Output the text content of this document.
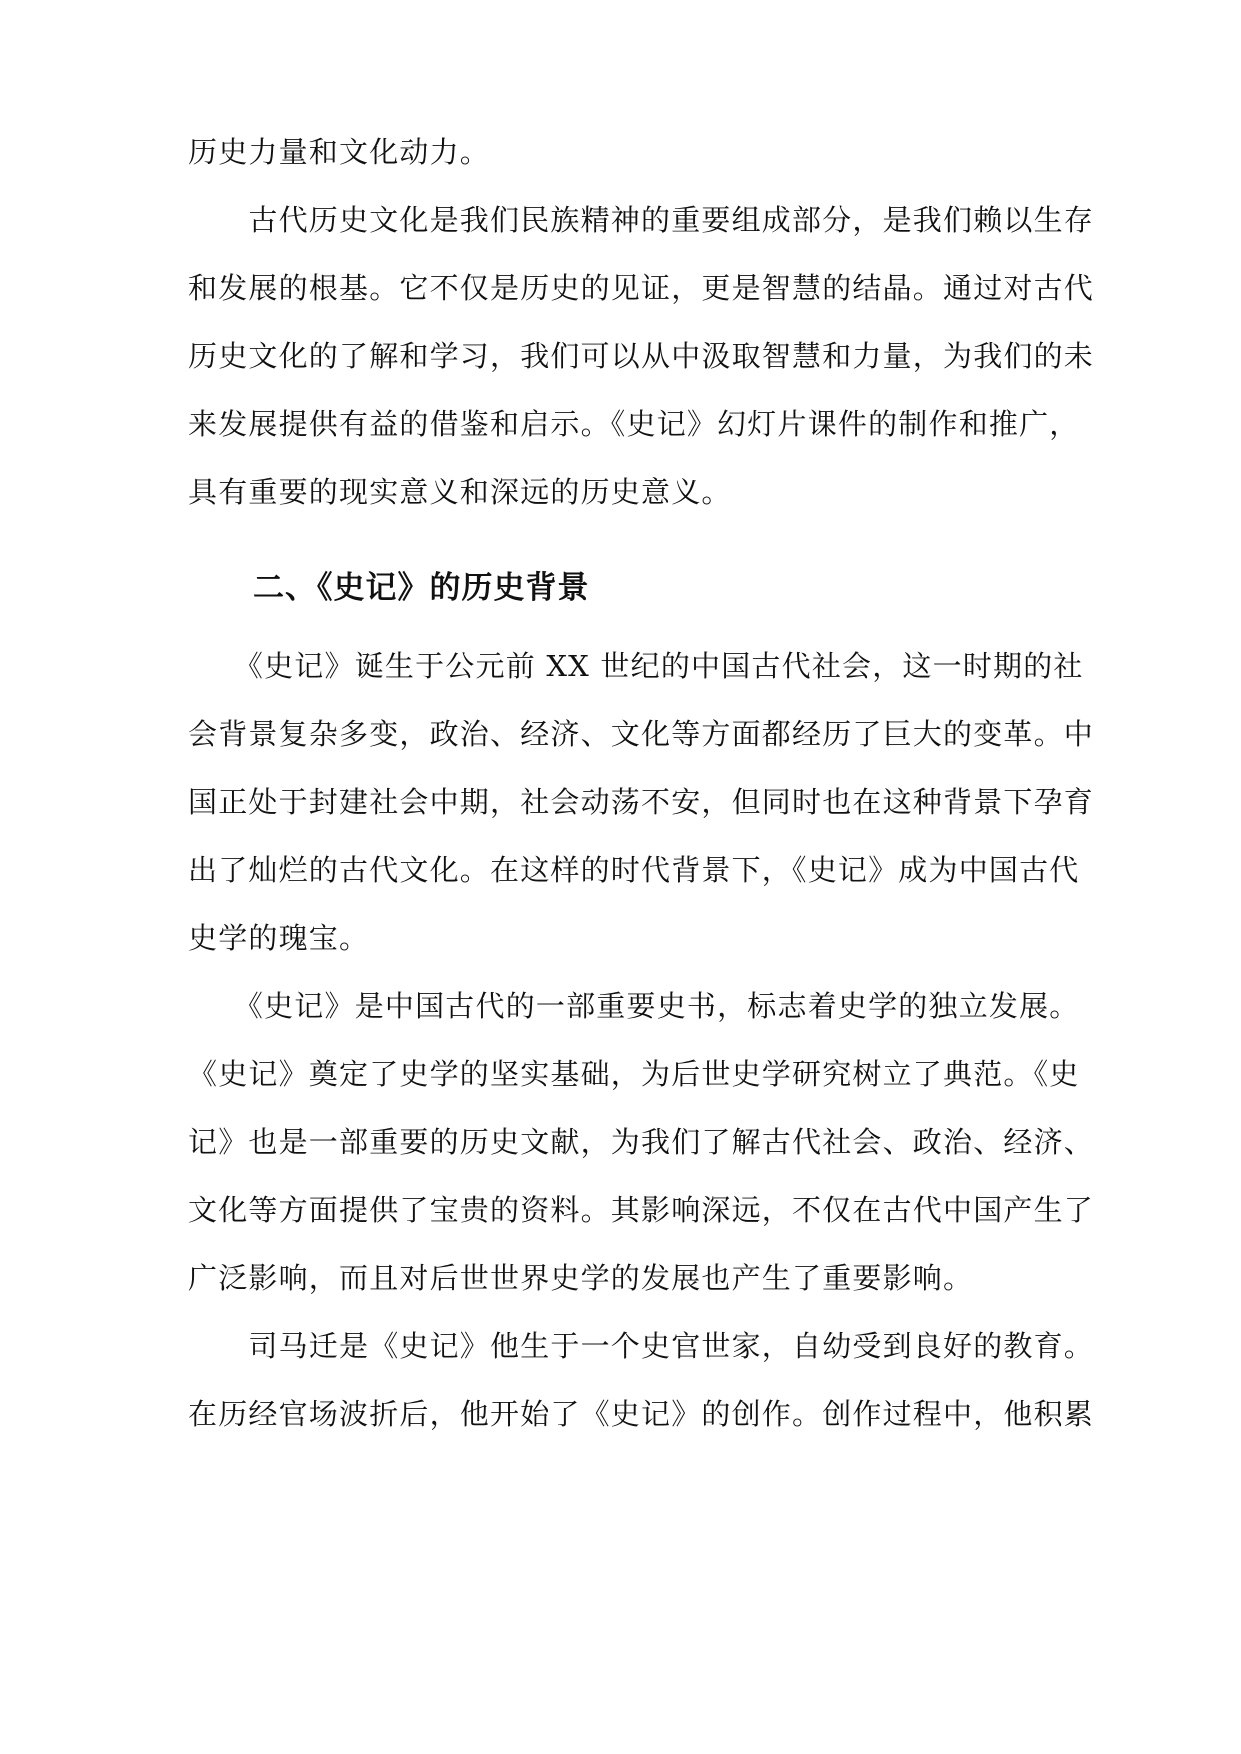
历史力量和文化动力。
　　古代历史文化是我们民族精神的重要组成部分，是我们赖以生存
和发展的根基。它不仅是历史的见证，更是智慧的结晶。通过对古代
历史文化的了解和学习，我们可以从中汲取智慧和力量，为我们的未
来发展提供有益的借鉴和启示。《史记》幻灯片课件的制作和推广，
具有重要的现实意义和深远的历史意义。
二、《史记》的历史背景
　　《史记》诞生于公元前 XX 世纪的中国古代社会，这一时期的社
会背景复杂多变，政治、经济、文化等方面都经历了巨大的变革。中
国正处于封建社会中期，社会动荡不安，但同时也在这种背景下孕育
出了灿烂的古代文化。在这样的时代背景下，《史记》成为中国古代
史学的瑰宝。
　　《史记》是中国古代的一部重要史书，标志着史学的独立发展。
《史记》奠定了史学的坚实基础，为后世史学研究树立了典范。《史
记》也是一部重要的历史文献，为我们了解古代社会、政治、经济、
文化等方面提供了宝贵的资料。其影响深远，不仅在古代中国产生了
广泛影响，而且对后世世界史学的发展也产生了重要影响。
　　司马迁是《史记》他生于一个史官世家，自幼受到良好的教育。
在历经官场波折后，他开始了《史记》的创作。创作过程中，他积累
